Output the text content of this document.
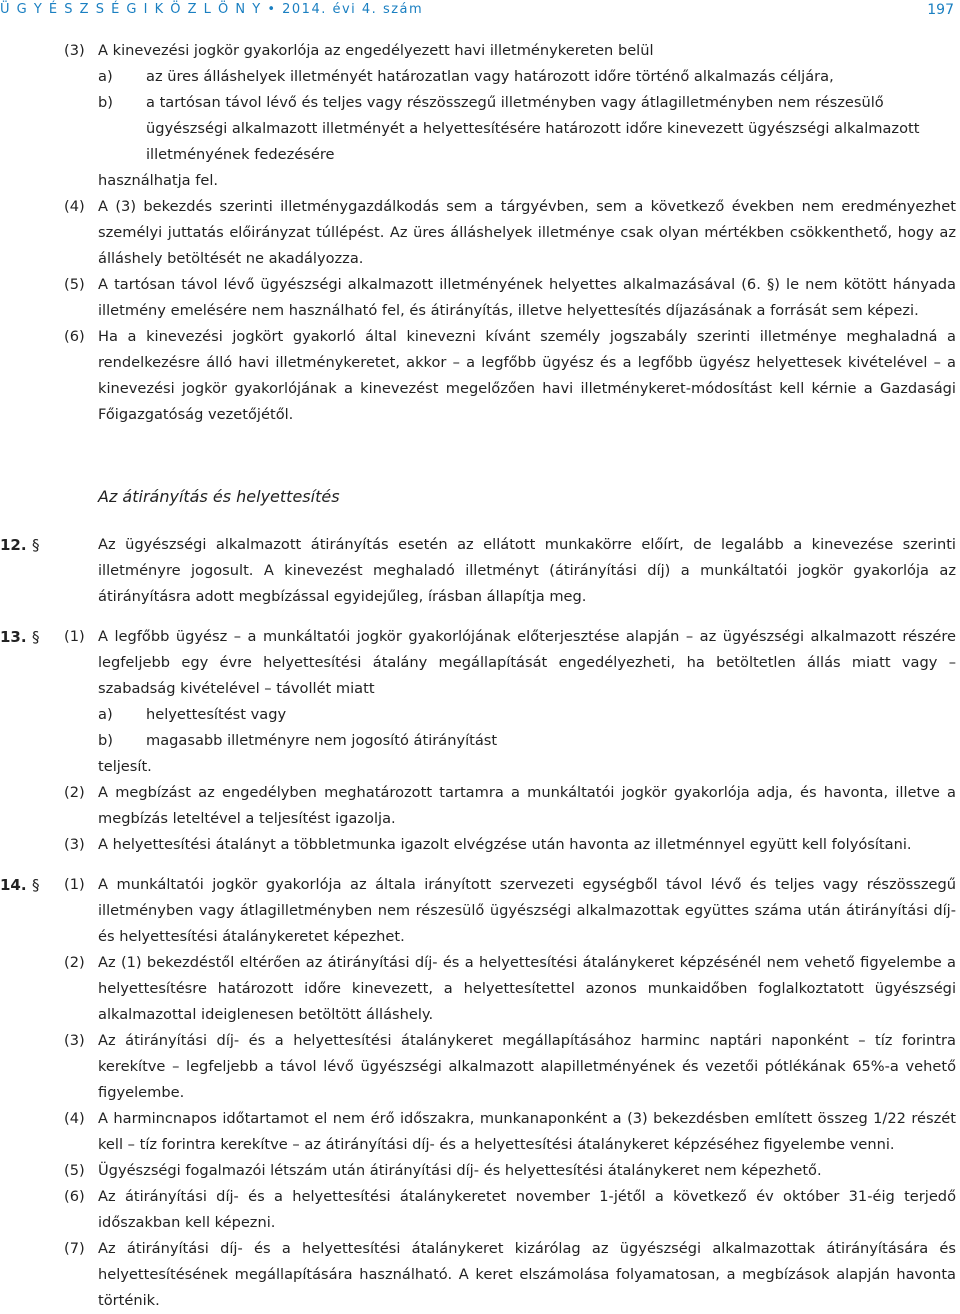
Ü G Y É S Z S É G I K Ö Z L Ö N Y • 2014. évi 4. szám	197
(3) A kinevezési jogkör gyakorlója az engedélyezett havi illetménykereten belül
a) az üres álláshelyek illetményét határozatlan vagy határozott időre történő alkalmazás céljára,
b) a tartósan távol lévő és teljes vagy részösszegű illetményben vagy átlagilletményben nem részesülő ügyészségi alkalmazott illetményét a helyettesítésére határozott időre kinevezett ügyészségi alkalmazott illetményének fedezésére
használhatja fel.
(4) A (3) bekezdés szerinti illetménygazdálkodás sem a tárgyévben, sem a következő években nem eredményezhet személyi juttatás előirányzat túllépést. Az üres álláshelyek illetménye csak olyan mértékben csökkenthető, hogy az álláshely betöltését ne akadályozza.
(5) A tartósan távol lévő ügyészségi alkalmazott illetményének helyettes alkalmazásával (6. §) le nem kötött hányada illetmény emelésére nem használható fel, és átirányítás, illetve helyettesítés díjazásának a forrását sem képezi.
(6) Ha a kinevezési jogkört gyakorló által kinevezni kívánt személy jogszabály szerinti illetménye meghaladná a rendelkezésre álló havi illetménykeretet, akkor – a legfőbb ügyész és a legfőbb ügyész helyettesek kivételével – a kinevezési jogkör gyakorlójának a kinevezést megelőzően havi illetménykeret-módosítást kell kérnie a Gazdasági Főigazgatóság vezetőjétől.
Az átirányítás és helyettesítés
12. §	Az ügyészségi alkalmazott átirányítás esetén az ellátott munkakörre előírt, de legalább a kinevezése szerinti illetményre jogosult. A kinevezést meghaladó illetményt (átirányítási díj) a munkáltatói jogkör gyakorlója az átirányításra adott megbízással egyidejűleg, írásban állapítja meg.
13. § (1) A legfőbb ügyész – a munkáltatói jogkör gyakorlójának előterjesztése alapján – az ügyészségi alkalmazott részére legfeljebb egy évre helyettesítési átalány megállapítását engedélyezheti, ha betöltetlen állás miatt vagy – szabadság kivételével – távollét miatt
a) helyettesítést vagy
b) magasabb illetményre nem jogosító átirányítást
teljesít.
(2) A megbízást az engedélyben meghatározott tartamra a munkáltatói jogkör gyakorlója adja, és havonta, illetve a megbízás leteltével a teljesítést igazolja.
(3) A helyettesítési átalányt a többletmunka igazolt elvégzése után havonta az illetménnyel együtt kell folyósítani.
14. § (1) A munkáltatói jogkör gyakorlója az általa irányított szervezeti egységből távol lévő és teljes vagy részösszegű illetményben vagy átlagilletményben nem részesülő ügyészségi alkalmazottak együttes száma után átirányítási díj- és helyettesítési átalánykeretet képezhet.
(2) Az (1) bekezdéstől eltérően az átirányítási díj- és a helyettesítési átalánykeret képzésénél nem vehető figyelembe a helyettesítésre határozott időre kinevezett, a helyettesítettel azonos munkaidőben foglalkoztatott ügyészségi alkalmazottal ideiglenesen betöltött álláshely.
(3) Az átirányítási díj- és a helyettesítési átalánykeret megállapításához harminc naptári naponként – tíz forintra kerekítve – legfeljebb a távol lévő ügyészségi alkalmazott alapilletményének és vezetői pótlékának 65%-a vehető figyelembe.
(4) A harmincnapos időtartamot el nem érő időszakra, munkanaponként a (3) bekezdésben említett összeg 1/22 részét kell – tíz forintra kerekítve – az átirányítási díj- és a helyettesítési átalánykeret képzéséhez figyelembe venni.
(5) Ügyészségi fogalmazói létszám után átirányítási díj- és helyettesítési átalánykeret nem képezhető.
(6) Az átirányítási díj- és a helyettesítési átalánykeretet november 1-jétől a következő év október 31-éig terjedő időszakban kell képezni.
(7) Az átirányítási díj- és a helyettesítési átalánykeret kizárólag az ügyészségi alkalmazottak átirányítására és helyettesítésének megállapítására használható. A keret elszámolása folyamatosan, a megbízások alapján havonta történik.
